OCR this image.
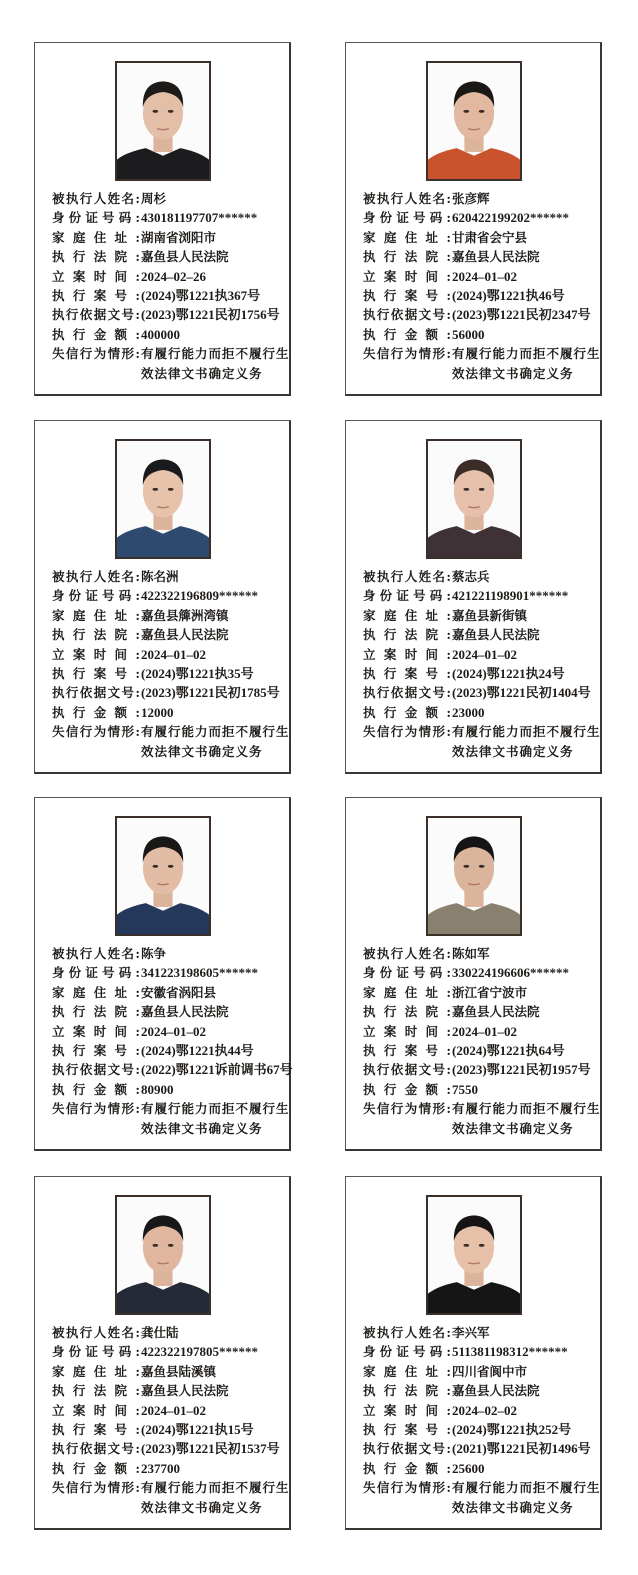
被执行人姓名: 周杉
身份证号码: 430181197707******
家庭住址: 湖南省浏阳市
执行法院: 嘉鱼县人民法院
立案时间: 2024–02–26
执行案号: (2024)鄂1221执367号
执行依据文号: (2023)鄂1221民初1756号
执行金额: 400000
失信行为情形: 有履行能力而拒不履行生效法律文书确定义务
被执行人姓名: 张彦辉
身份证号码: 620422199202******
家庭住址: 甘肃省会宁县
执行法院: 嘉鱼县人民法院
立案时间: 2024–01–02
执行案号: (2024)鄂1221执46号
执行依据文号: (2023)鄂1221民初2347号
执行金额: 56000
失信行为情形: 有履行能力而拒不履行生效法律文书确定义务
被执行人姓名: 陈名洲
身份证号码: 422322196809******
家庭住址: 嘉鱼县簰洲湾镇
执行法院: 嘉鱼县人民法院
立案时间: 2024–01–02
执行案号: (2024)鄂1221执35号
执行依据文号: (2023)鄂1221民初1785号
执行金额: 12000
失信行为情形: 有履行能力而拒不履行生效法律文书确定义务
被执行人姓名: 蔡志兵
身份证号码: 421221198901******
家庭住址: 嘉鱼县新街镇
执行法院: 嘉鱼县人民法院
立案时间: 2024–01–02
执行案号: (2024)鄂1221执24号
执行依据文号: (2023)鄂1221民初1404号
执行金额: 23000
失信行为情形: 有履行能力而拒不履行生效法律文书确定义务
被执行人姓名: 陈争
身份证号码: 341223198605******
家庭住址: 安徽省涡阳县
执行法院: 嘉鱼县人民法院
立案时间: 2024–01–02
执行案号: (2024)鄂1221执44号
执行依据文号: (2022)鄂1221诉前调书67号
执行金额: 80900
失信行为情形: 有履行能力而拒不履行生效法律文书确定义务
被执行人姓名: 陈如军
身份证号码: 330224196606******
家庭住址: 浙江省宁波市
执行法院: 嘉鱼县人民法院
立案时间: 2024–01–02
执行案号: (2024)鄂1221执64号
执行依据文号: (2023)鄂1221民初1957号
执行金额: 7550
失信行为情形: 有履行能力而拒不履行生效法律文书确定义务
被执行人姓名: 龚仕陆
身份证号码: 422322197805******
家庭住址: 嘉鱼县陆溪镇
执行法院: 嘉鱼县人民法院
立案时间: 2024–01–02
执行案号: (2024)鄂1221执15号
执行依据文号: (2023)鄂1221民初1537号
执行金额: 237700
失信行为情形: 有履行能力而拒不履行生效法律文书确定义务
被执行人姓名: 李兴军
身份证号码: 511381198312******
家庭住址: 四川省阆中市
执行法院: 嘉鱼县人民法院
立案时间: 2024–02–02
执行案号: (2024)鄂1221执252号
执行依据文号: (2021)鄂1221民初1496号
执行金额: 25600
失信行为情形: 有履行能力而拒不履行生效法律文书确定义务
